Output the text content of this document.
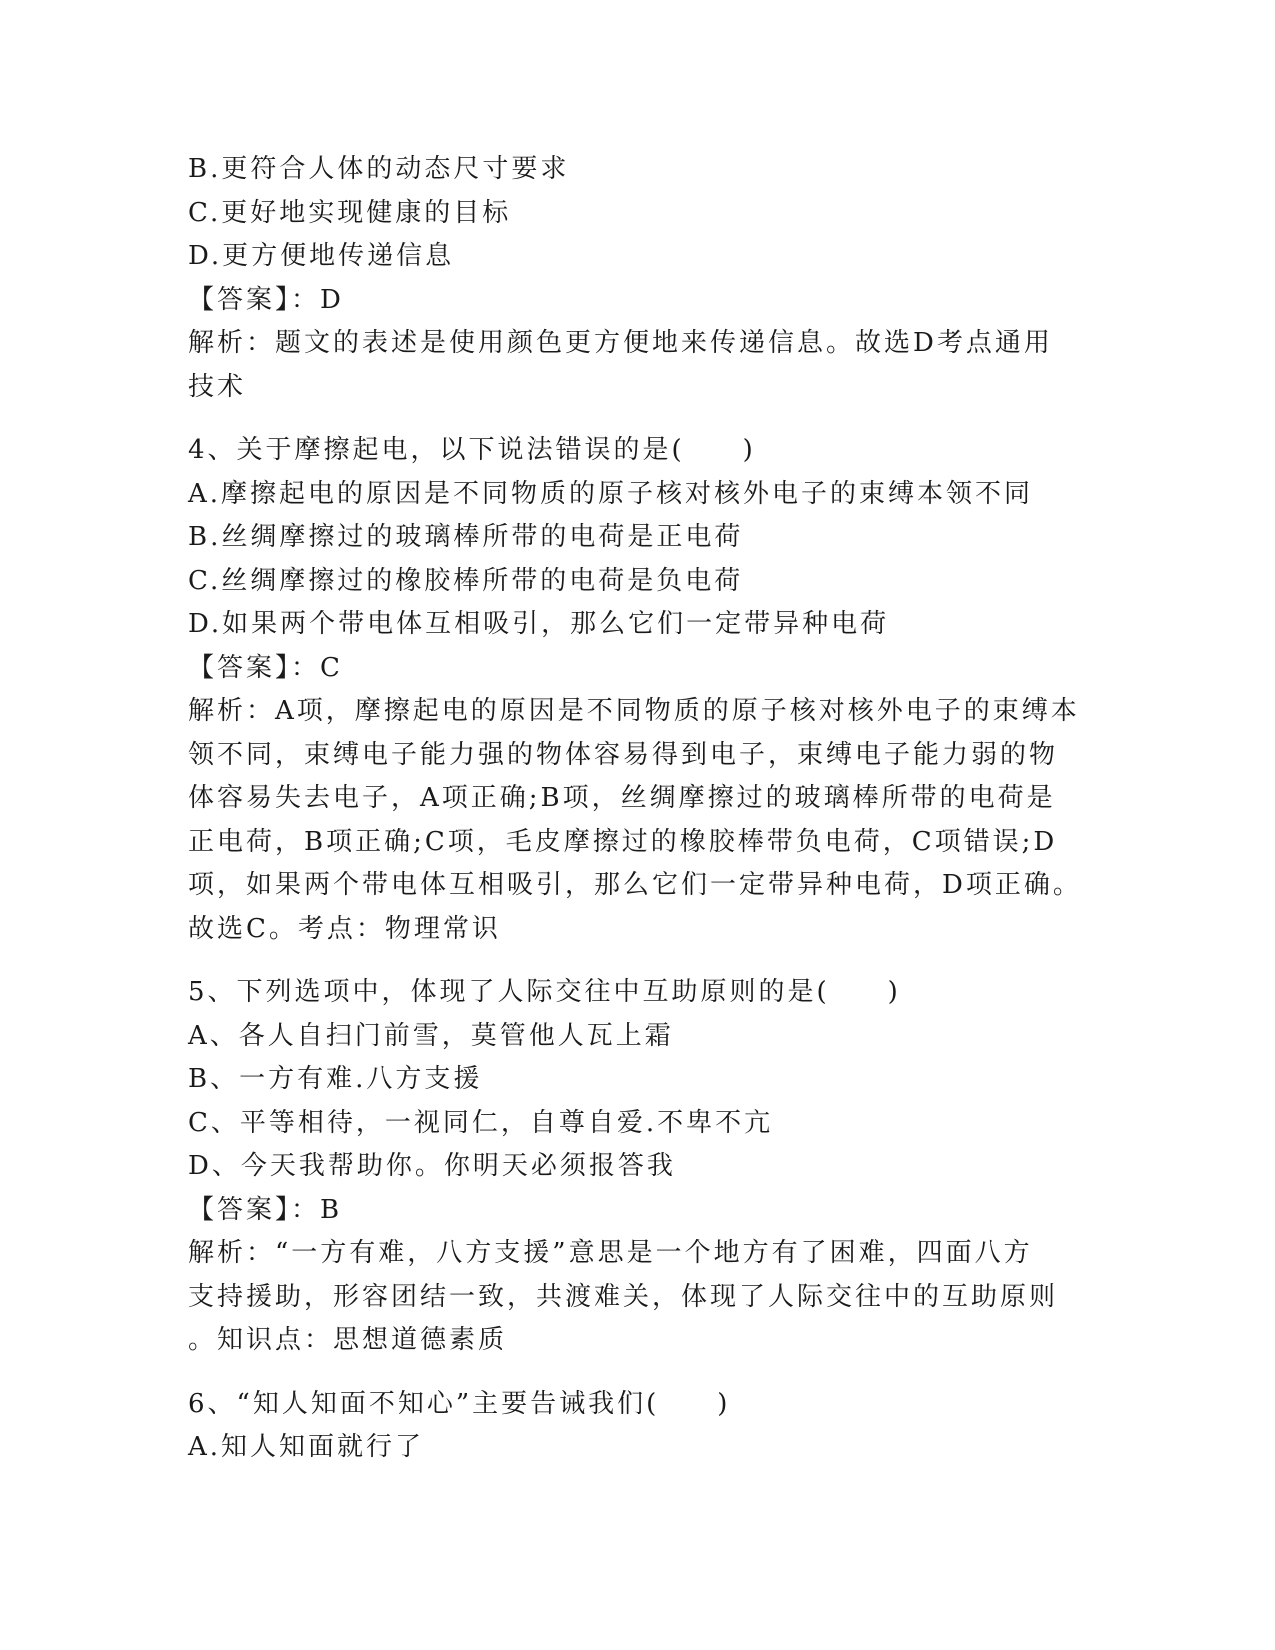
B.更符合人体的动态尺寸要求
C.更好地实现健康的目标
D.更方便地传递信息
【答案】：D
解析：题文的表述是使用颜色更方便地来传递信息。故选D考点通用
技术
4、关于摩擦起电，以下说法错误的是(　　)
A.摩擦起电的原因是不同物质的原子核对核外电子的束缚本领不同
B.丝绸摩擦过的玻璃棒所带的电荷是正电荷
C.丝绸摩擦过的橡胶棒所带的电荷是负电荷
D.如果两个带电体互相吸引，那么它们一定带异种电荷
【答案】：C
解析：A项，摩擦起电的原因是不同物质的原子核对核外电子的束缚本
领不同，束缚电子能力强的物体容易得到电子，束缚电子能力弱的物
体容易失去电子，A项正确;B项，丝绸摩擦过的玻璃棒所带的电荷是
正电荷，B项正确;C项，毛皮摩擦过的橡胶棒带负电荷，C项错误;D
项，如果两个带电体互相吸引，那么它们一定带异种电荷，D项正确。
故选C。考点：物理常识
5、下列选项中，体现了人际交往中互助原则的是(　　)
A、各人自扫门前雪，莫管他人瓦上霜
B、一方有难.八方支援
C、平等相待，一视同仁，自尊自爱.不卑不亢
D、今天我帮助你。你明天必须报答我
【答案】：B
解析：“一方有难，八方支援”意思是一个地方有了困难，四面八方
支持援助，形容团结一致，共渡难关，体现了人际交往中的互助原则
。知识点：思想道德素质
6、“知人知面不知心”主要告诫我们(　　)
A.知人知面就行了
